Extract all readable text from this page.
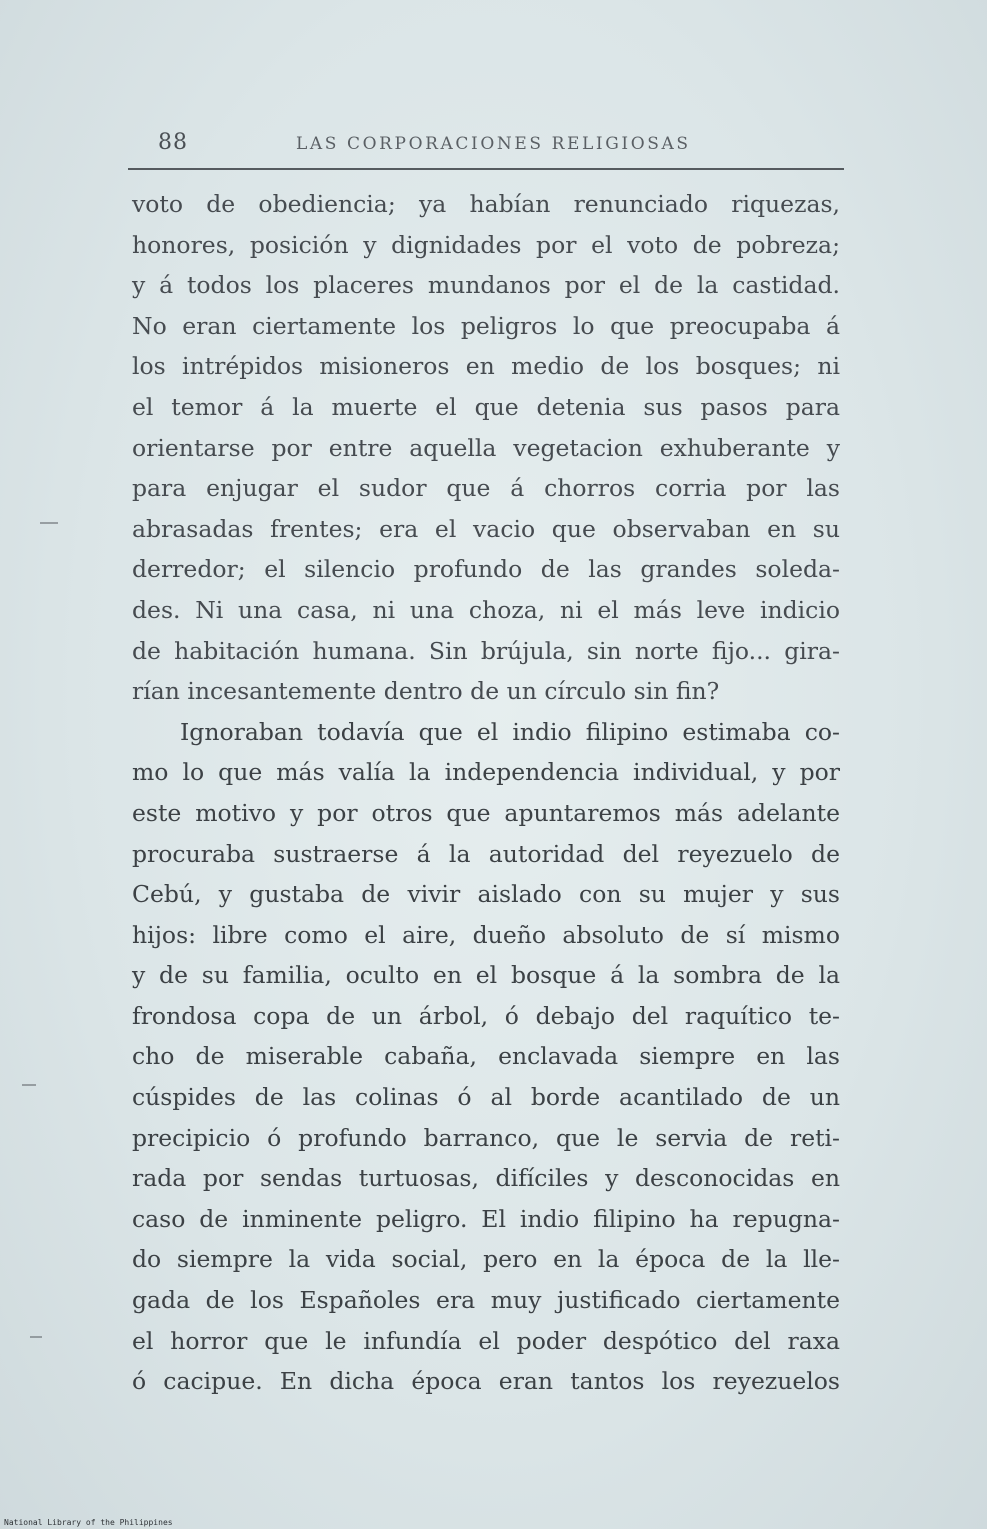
88	LAS CORPORACIONES RELIGIOSAS
voto de obediencia; ya habían renunciado riquezas,
honores, posición y dignidades por el voto de pobreza;
y á todos los placeres mundanos por el de la castidad.
No eran ciertamente los peligros lo que preocupaba á
los intrépidos misioneros en medio de los bosques; ni
el temor á la muerte el que detenia sus pasos para
orientarse por entre aquella vegetacion exhuberante y
para enjugar el sudor que á chorros corria por las
abrasadas frentes; era el vacio que observaban en su
derredor; el silencio profundo de las grandes soleda-
des. Ni una casa, ni una choza, ni el más leve indicio
de habitación humana. Sin brújula, sin norte fijo... gira-
rían incesantemente dentro de un círculo sin fin?
Ignoraban todavía que el indio filipino estimaba co-
mo lo que más valía la independencia individual, y por
este motivo y por otros que apuntaremos más adelante
procuraba sustraerse á la autoridad del reyezuelo de
Cebú, y gustaba de vivir aislado con su mujer y sus
hijos: libre como el aire, dueño absoluto de sí mismo
y de su familia, oculto en el bosque á la sombra de la
frondosa copa de un árbol, ó debajo del raquítico te-
cho de miserable cabaña, enclavada siempre en las
cúspides de las colinas ó al borde acantilado de un
precipicio ó profundo barranco, que le servia de reti-
rada por sendas turtuosas, difíciles y desconocidas en
caso de inminente peligro. El indio filipino ha repugna-
do siempre la vida social, pero en la época de la lle-
gada de los Españoles era muy justificado ciertamente
el horror que le infundía el poder despótico del raxa
ó cacipue. En dicha época eran tantos los reyezuelos
National Library of the Philippines
